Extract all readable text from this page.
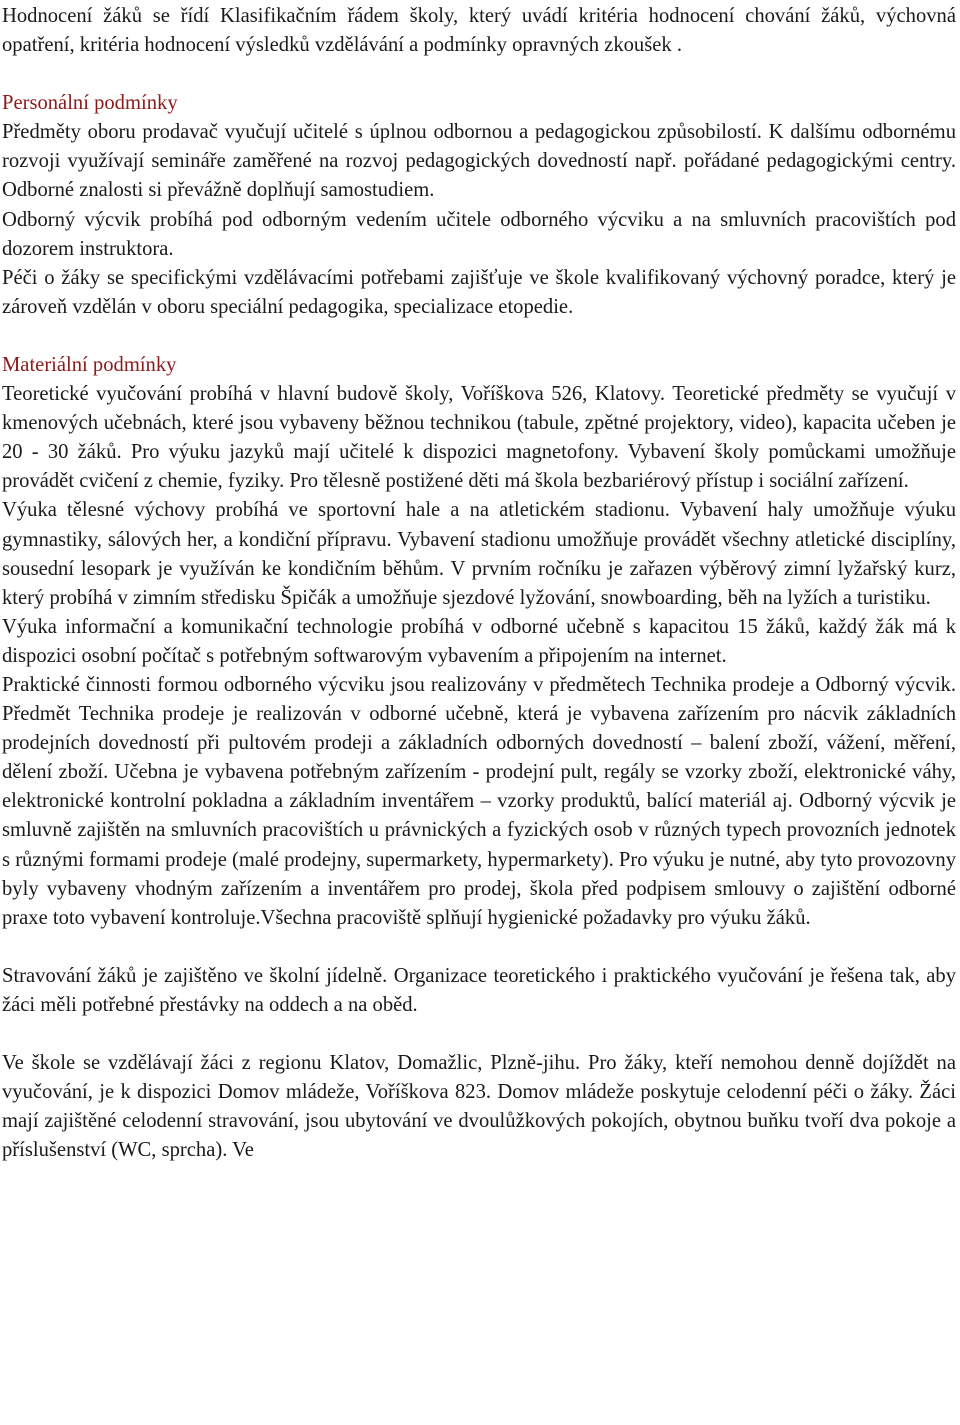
Hodnocení žáků se řídí Klasifikačním řádem školy, který uvádí kritéria hodnocení chování žáků, výchovná opatření, kritéria hodnocení výsledků vzdělávání a podmínky opravných zkoušek .

Personální podmínky

Předměty oboru prodavač vyučují učitelé s úplnou odbornou a pedagogickou způsobilostí. K dalšímu odbornému rozvoji využívají semináře zaměřené na rozvoj pedagogických dovedností např. pořádané pedagogickými centry. Odborné znalosti si převážně doplňují samostudiem.

Odborný výcvik probíhá pod odborným vedením učitele odborného výcviku a na smluvních pracovištích pod dozorem instruktora.

Péči o žáky se specifickými vzdělávacími potřebami zajišťuje ve škole kvalifikovaný výchovný poradce, který je zároveň vzdělán v oboru speciální pedagogika, specializace etopedie.

Materiální podmínky

Teoretické vyučování probíhá v hlavní budově školy, Voříškova 526, Klatovy. Teoretické předměty se vyučují v kmenových učebnách, které jsou vybaveny běžnou technikou (tabule, zpětné projektory, video), kapacita učeben je 20 - 30 žáků. Pro výuku jazyků mají učitelé k dispozici magnetofony. Vybavení školy pomůckami umožňuje provádět cvičení z chemie, fyziky. Pro tělesně postižené děti má škola bezbariérový přístup i sociální zařízení.

Výuka tělesné výchovy probíhá ve sportovní hale a na atletickém stadionu. Vybavení haly umožňuje výuku gymnastiky, sálových her, a kondiční přípravu. Vybavení stadionu umožňuje provádět všechny atletické disciplíny, sousední lesopark je využíván ke kondičním běhům. V prvním ročníku je zařazen výběrový zimní lyžařský kurz, který probíhá v zimním středisku Špičák a umožňuje sjezdové lyžování, snowboarding, běh na lyžích a turistiku.

Výuka informační a komunikační technologie probíhá v odborné učebně s kapacitou 15 žáků, každý žák má k dispozici osobní počítač s potřebným softwarovým vybavením a připojením na internet.

Praktické činnosti formou odborného výcviku jsou realizovány v předmětech Technika prodeje a Odborný výcvik. Předmět Technika prodeje je realizován v odborné učebně, která je vybavena zařízením pro nácvik základních prodejních dovedností při pultovém prodeji a základních odborných dovedností – balení zboží, vážení, měření, dělení zboží. Učebna je vybavena potřebným zařízením - prodejní pult, regály se vzorky zboží, elektronické váhy, elektronické kontrolní pokladna a základním inventářem – vzorky produktů, balící materiál aj. Odborný výcvik je smluvně zajištěn na smluvních pracovištích u právnických a fyzických osob v různých typech provozních jednotek s různými formami prodeje (malé prodejny, supermarkety, hypermarkety). Pro výuku je nutné, aby tyto provozovny byly vybaveny vhodným zařízením a inventářem pro prodej, škola před podpisem smlouvy o zajištění odborné praxe toto vybavení kontroluje.Všechna pracoviště splňují hygienické požadavky pro výuku žáků.

Stravování žáků je zajištěno ve školní jídelně. Organizace teoretického i praktického vyučování je řešena tak, aby žáci měli potřebné přestávky na oddech a na oběd.

Ve škole se vzdělávají žáci z regionu Klatov, Domažlic, Plzně-jihu. Pro žáky, kteří nemohou denně dojíždět na vyučování, je k dispozici Domov mládeže, Voříškova 823. Domov mládeže poskytuje celodenní péči o žáky. Žáci mají zajištěné celodenní stravování, jsou ubytování ve dvoulůžkových pokojích, obytnou buňku tvoří dva pokoje a příslušenství (WC, sprcha). Ve
